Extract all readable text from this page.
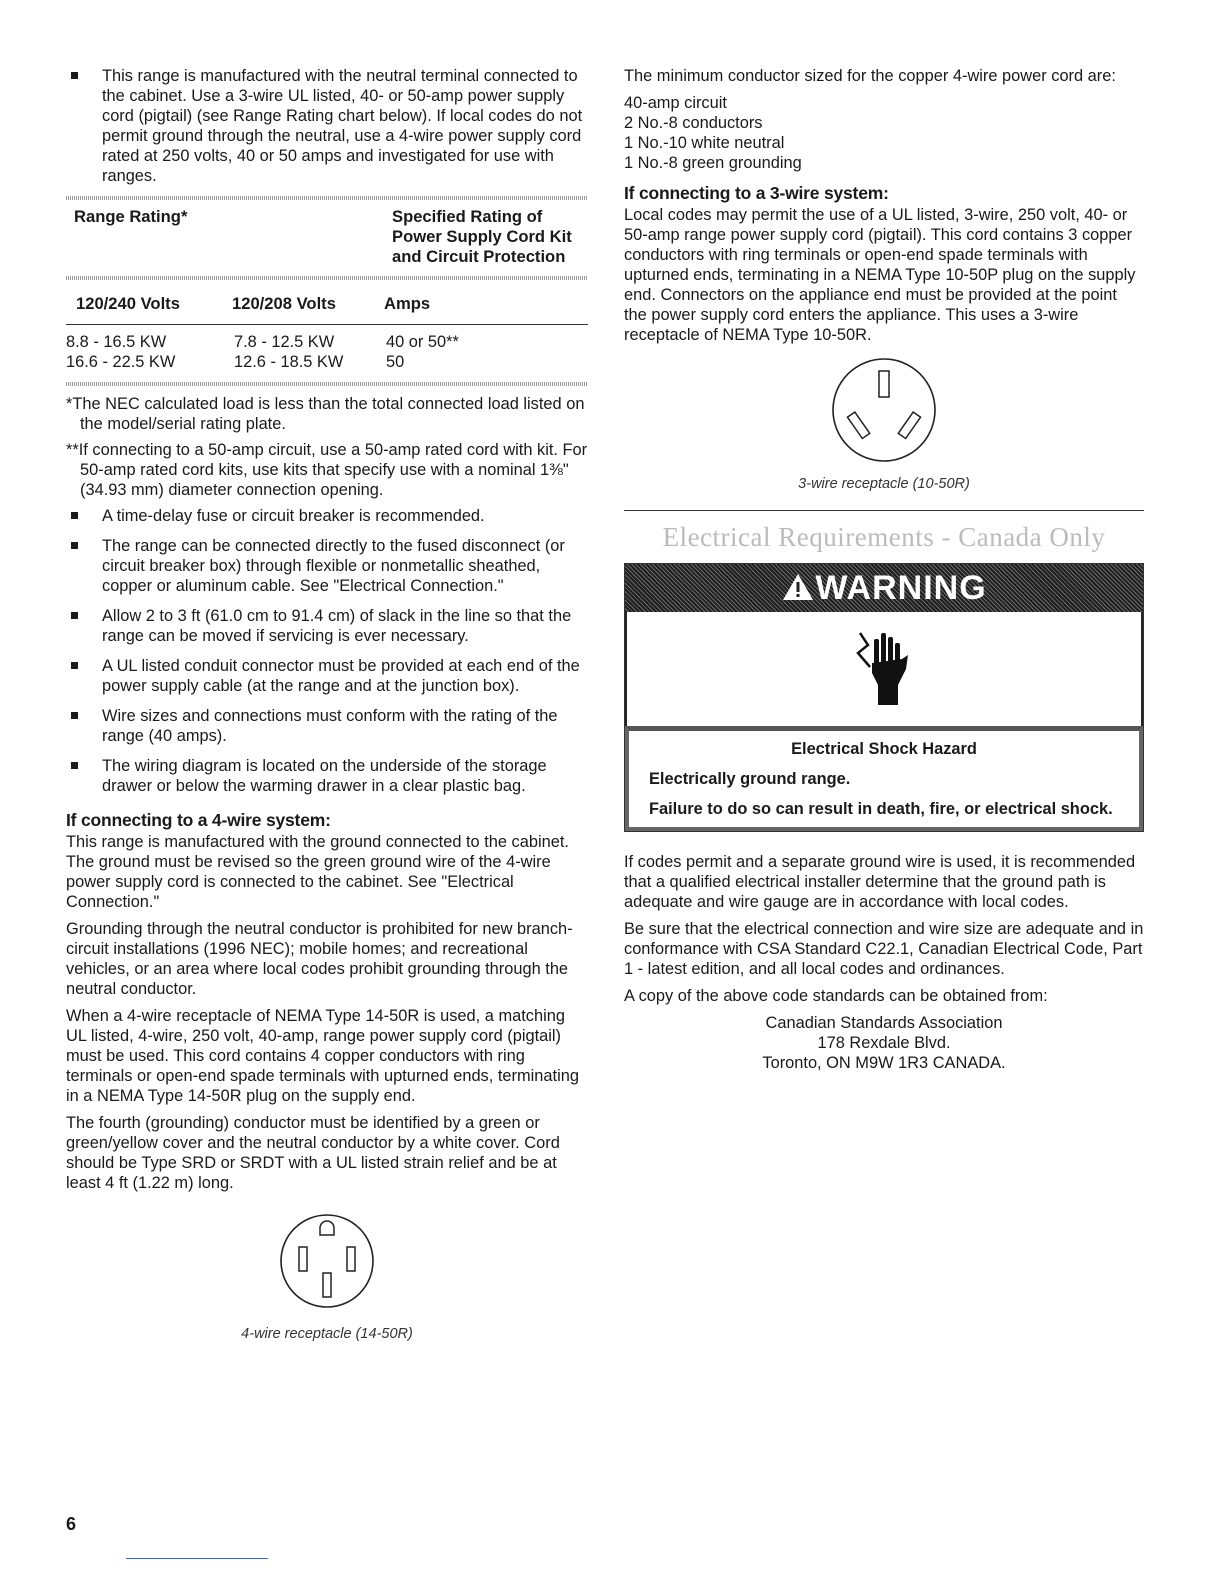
This range is manufactured with the neutral terminal connected to the cabinet. Use a 3-wire UL listed, 40- or 50-amp power supply cord (pigtail) (see Range Rating chart below). If local codes do not permit ground through the neutral, use a 4-wire power supply cord rated at 250 volts, 40 or 50 amps and investigated for use with ranges.
Range Rating*	Specified Rating of Power Supply Cord Kit and Circuit Protection
120/240 Volts	120/208 Volts	Amps
8.8 - 16.5 KW	7.8 - 12.5 KW	40 or 50**
16.6 - 22.5 KW	12.6 - 18.5 KW	50

*The NEC calculated load is less than the total connected load listed on the model/serial rating plate.

**If connecting to a 50-amp circuit, use a 50-amp rated cord with kit. For 50-amp rated cord kits, use kits that specify use with a nominal 1⅜" (34.93 mm) diameter connection opening.

A time-delay fuse or circuit breaker is recommended.
The range can be connected directly to the fused disconnect (or circuit breaker box) through flexible or nonmetallic sheathed, copper or aluminum cable. See "Electrical Connection."
Allow 2 to 3 ft (61.0 cm to 91.4 cm) of slack in the line so that the range can be moved if servicing is ever necessary.
A UL listed conduit connector must be provided at each end of the power supply cable (at the range and at the junction box).
Wire sizes and connections must conform with the rating of the range (40 amps).
The wiring diagram is located on the underside of the storage drawer or below the warming drawer in a clear plastic bag.
If connecting to a 4-wire system:

This range is manufactured with the ground connected to the cabinet. The ground must be revised so the green ground wire of the 4-wire power supply cord is connected to the cabinet. See "Electrical Connection."

Grounding through the neutral conductor is prohibited for new branch-circuit installations (1996 NEC); mobile homes; and recreational vehicles, or an area where local codes prohibit grounding through the neutral conductor.

When a 4-wire receptacle of NEMA Type 14-50R is used, a matching UL listed, 4-wire, 250 volt, 40-amp, range power supply cord (pigtail) must be used. This cord contains 4 copper conductors with ring terminals or open-end spade terminals with upturned ends, terminating in a NEMA Type 14-50R plug on the supply end.

The fourth (grounding) conductor must be identified by a green or green/yellow cover and the neutral conductor by a white cover. Cord should be Type SRD or SRDT with a UL listed strain relief and be at least 4 ft (1.22 m) long.

4-wire receptacle (14-50R)

The minimum conductor sized for the copper 4-wire power cord are:

40-amp circuit
2 No.-8 conductors
1 No.-10 white neutral
1 No.-8 green grounding
If connecting to a 3-wire system:

Local codes may permit the use of a UL listed, 3-wire, 250 volt, 40- or 50-amp range power supply cord (pigtail). This cord contains 3 copper conductors with ring terminals or open-end spade terminals with upturned ends, terminating in a NEMA Type 10-50P plug on the supply end. Connectors on the appliance end must be provided at the point the power supply cord enters the appliance. This uses a 3-wire receptacle of NEMA Type 10-50R.

3-wire receptacle (10-50R)
Electrical Requirements - Canada Only
WARNING
Electrical Shock Hazard
Electrically ground range.
Failure to do so can result in death, fire, or electrical shock.

If codes permit and a separate ground wire is used, it is recommended that a qualified electrical installer determine that the ground path is adequate and wire gauge are in accordance with local codes.

Be sure that the electrical connection and wire size are adequate and in conformance with CSA Standard C22.1, Canadian Electrical Code, Part 1 - latest edition, and all local codes and ordinances.

A copy of the above code standards can be obtained from:

Canadian Standards Association
178 Rexdale Blvd.
Toronto, ON M9W 1R3 CANADA.
6
